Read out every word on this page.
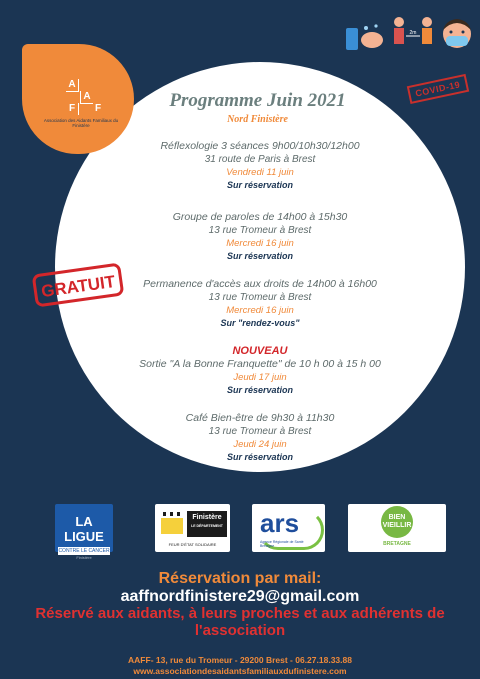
A
A
F	F
Association des Aidants Familiaux du Finistère
2m
COVID-19
Programme Juin 2021
Nord Finistère
Réflexologie 3 séances 9h00/10h30/12h00
31 route de Paris à Brest
Vendredi 11 juin
Sur réservation
Groupe de paroles de 14h00 à 15h30
13 rue Tromeur à Brest
Mercredi 16 juin
Sur réservation
GRATUIT	Permanence d'accès aux droits de 14h00 à 16h00
13 rue Tromeur à Brest
Mercredi 16 juin
Sur "rendez-vous"
NOUVEAU
Sortie "A la Bonne Franquette" de 10 h 00 à 15 h 00
Jeudi 17 juin
Sur réservation
Café Bien-être de 9h30 à 11h30
13 rue Tromeur à Brest
Jeudi 24 juin
Sur réservation
LA LIGUE
CONTRE LE CANCER
Finistère
Finistère
LE DÉPARTEMENT
FEUR D'ÉTAT SOLIDAIRE
ars
Agence Régionale de Santé Bretagne
BIEN VIEILLIR
BRETAGNE
Réservation par mail:
aaffnordfinistere29@gmail.com
Réservé aux aidants, à leurs proches et aux adhérents de l'association
AAFF- 13, rue du Tromeur - 29200 Brest - 06.27.18.33.88
www.associationdesaidantsfamiliauxdufinistere.com
